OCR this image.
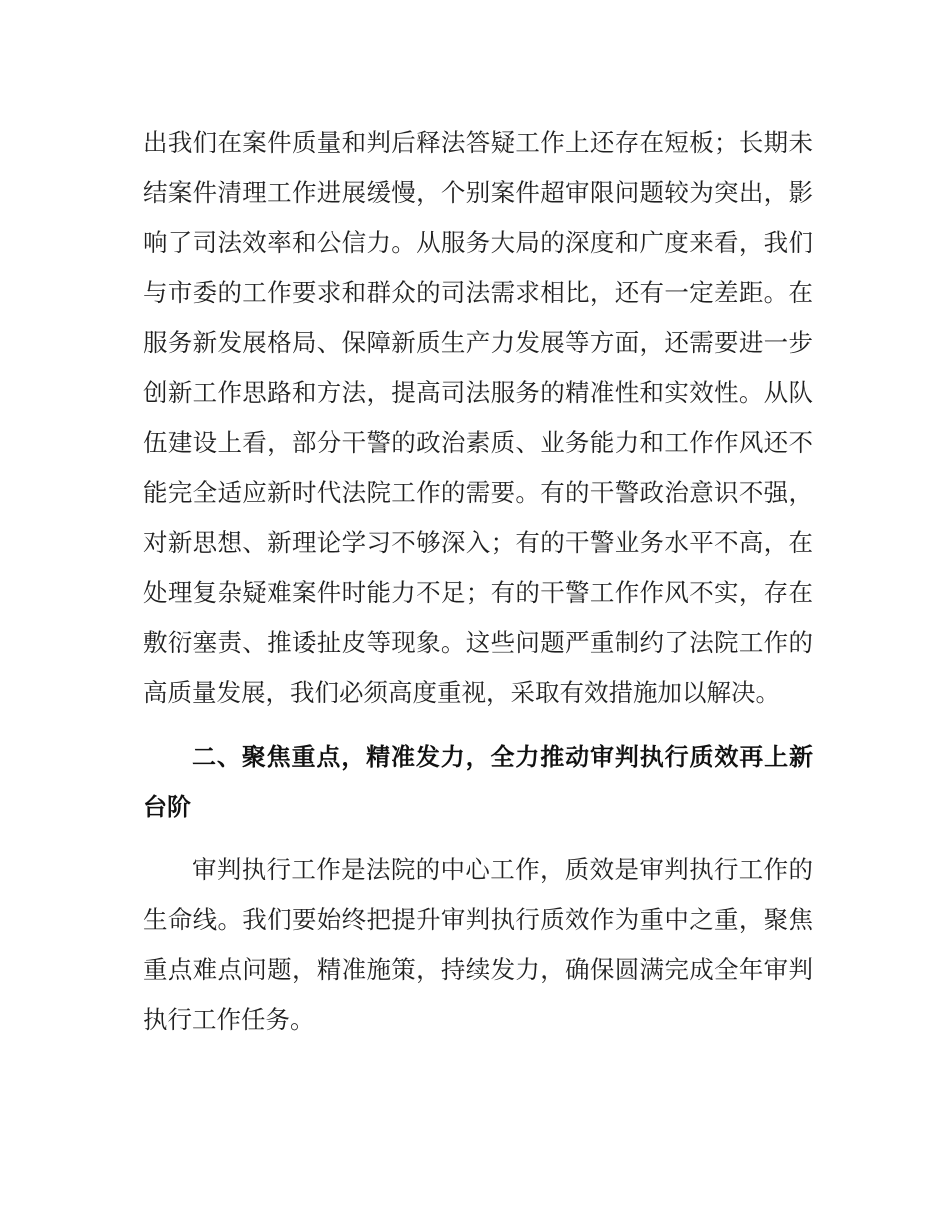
出我们在案件质量和判后释法答疑工作上还存在短板；长期未
结案件清理工作进展缓慢，个别案件超审限问题较为突出，影
响了司法效率和公信力。从服务大局的深度和广度来看，我们
与市委的工作要求和群众的司法需求相比，还有一定差距。在
服务新发展格局、保障新质生产力发展等方面，还需要进一步
创新工作思路和方法，提高司法服务的精准性和实效性。从队
伍建设上看，部分干警的政治素质、业务能力和工作作风还不
能完全适应新时代法院工作的需要。有的干警政治意识不强，
对新思想、新理论学习不够深入；有的干警业务水平不高，在
处理复杂疑难案件时能力不足；有的干警工作作风不实，存在
敷衍塞责、推诿扯皮等现象。这些问题严重制约了法院工作的
高质量发展，我们必须高度重视，采取有效措施加以解决。
二、聚焦重点，精准发力，全力推动审判执行质效再上新
台阶
审判执行工作是法院的中心工作，质效是审判执行工作的
生命线。我们要始终把提升审判执行质效作为重中之重，聚焦
重点难点问题，精准施策，持续发力，确保圆满完成全年审判
执行工作任务。
